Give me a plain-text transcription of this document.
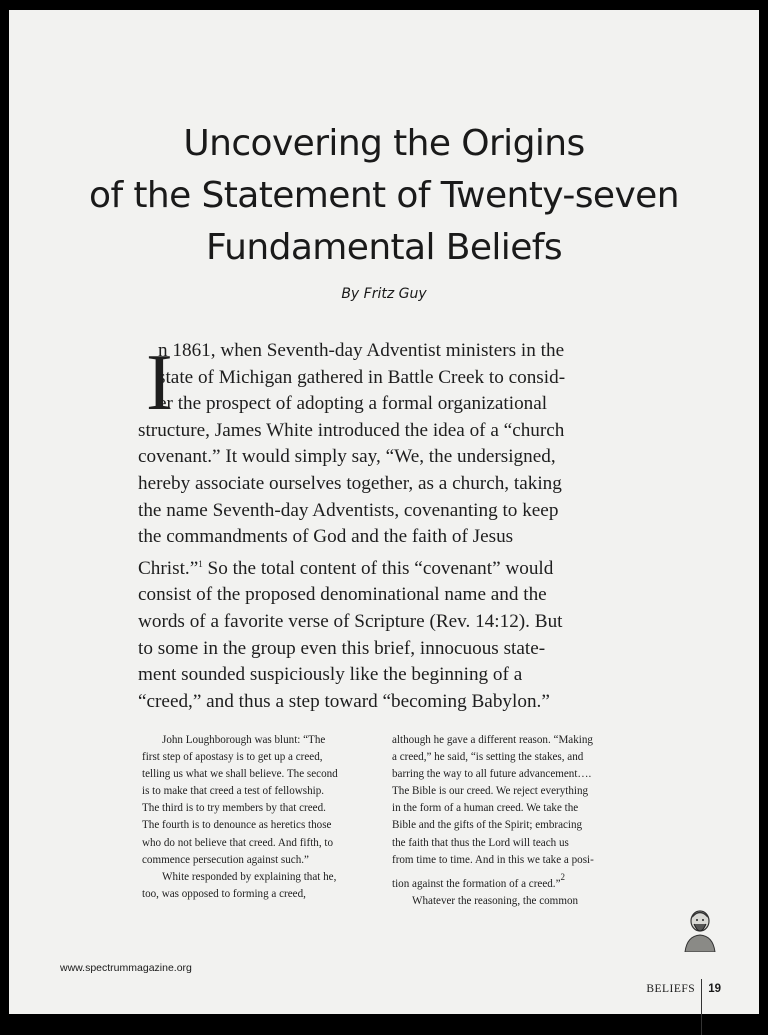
Uncovering the Origins
of the Statement of Twenty-seven
Fundamental Beliefs
By Fritz Guy
I

n 1861, when Seventh-day Adventist ministers in the

state of Michigan gathered in Battle Creek to consid-

er the prospect of adopting a formal organizational

structure, James White introduced the idea of a “church

covenant.” It would simply say, “We, the undersigned,

hereby associate ourselves together, as a church, taking

the name Seventh-day Adventists, covenanting to keep

the commandments of God and the faith of Jesus

Christ.”$^1$ So the total content of this “covenant” would

consist of the proposed denominational name and the

words of a favorite verse of Scripture (Rev. 14:12). But

to some in the group even this brief, innocuous state-

ment sounded suspiciously like the beginning of a

“creed,” and thus a step toward “becoming Babylon.”

John Loughborough was blunt: “The

first step of apostasy is to get up a creed,

telling us what we shall believe. The second

is to make that creed a test of fellowship.

The third is to try members by that creed.

The fourth is to denounce as heretics those

who do not believe that creed. And fifth, to

commence persecution against such.”

White responded by explaining that he,

too, was opposed to forming a creed,

although he gave a different reason. “Making

a creed,” he said, “is setting the stakes, and

barring the way to all future advancement….

The Bible is our creed. We reject everything

in the form of a human creed. We take the

Bible and the gifts of the Spirit; embracing

the faith that thus the Lord will teach us

from time to time. And in this we take a posi-

tion against the formation of a creed.”$^2$

Whatever the reasoning, the common

www.spectrummagazine.org
BELIEFS 19
